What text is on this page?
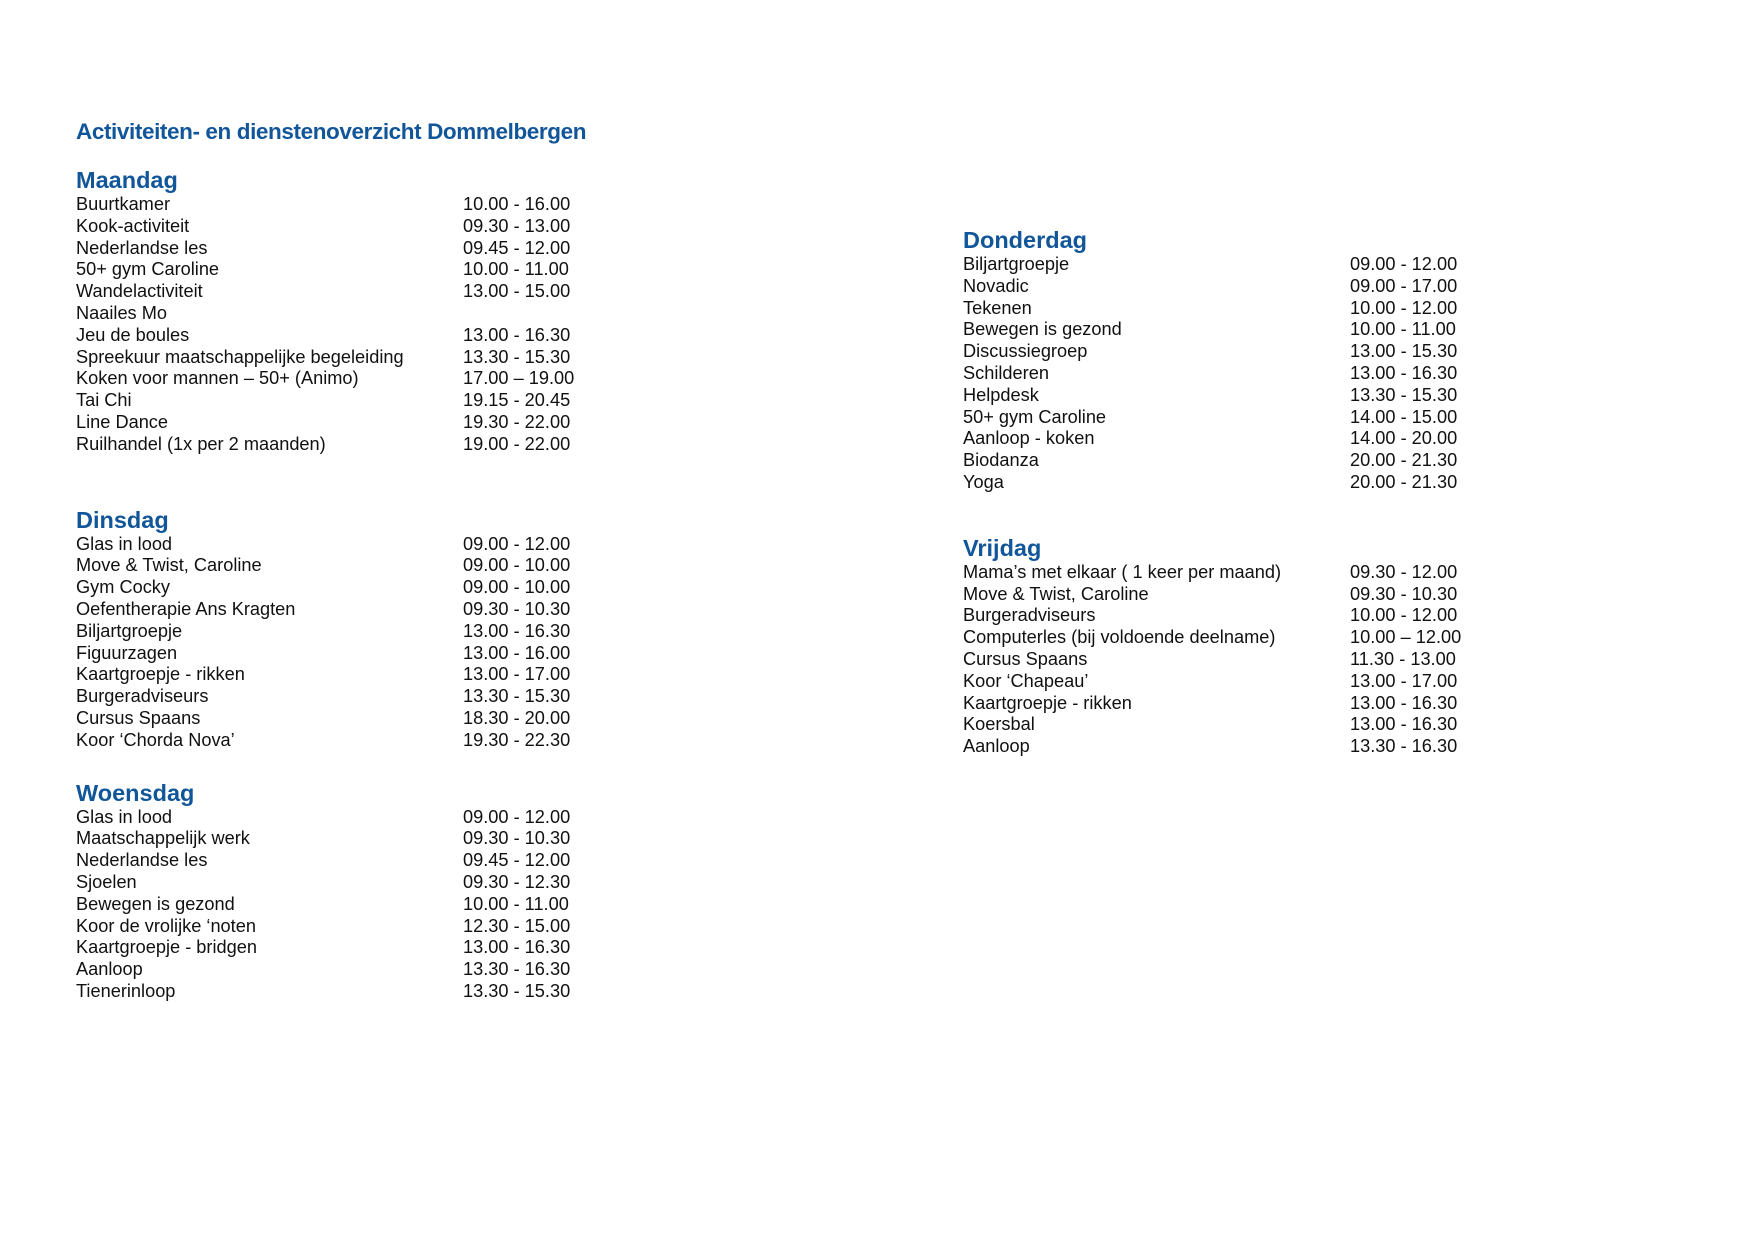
Activiteiten- en dienstenoverzicht Dommelbergen
Maandag
Buurtkamer	10.00 - 16.00
Kook-activiteit	09.30 - 13.00
Nederlandse les	09.45 - 12.00
50+ gym Caroline	10.00 - 11.00
Wandelactiviteit	13.00 - 15.00
Naailes Mo
Jeu de boules	13.00 - 16.30
Spreekuur maatschappelijke begeleiding	13.30 - 15.30
Koken voor mannen – 50+ (Animo)	17.00 – 19.00
Tai Chi	19.15 - 20.45
Line Dance	19.30 - 22.00
Ruilhandel (1x per 2 maanden)	19.00 - 22.00
Dinsdag
Glas in lood	09.00 - 12.00
Move & Twist, Caroline	09.00 - 10.00
Gym Cocky	09.00 - 10.00
Oefentherapie Ans Kragten	09.30 - 10.30
Biljartgroepje	13.00 - 16.30
Figuurzagen	13.00 - 16.00
Kaartgroepje - rikken	13.00 - 17.00
Burgeradviseurs	13.30 - 15.30
Cursus Spaans	18.30 - 20.00
Koor ‘Chorda Nova’	19.30 - 22.30
Woensdag
Glas in lood	09.00 - 12.00
Maatschappelijk werk	09.30 - 10.30
Nederlandse les	09.45 - 12.00
Sjoelen	09.30 - 12.30
Bewegen is gezond	10.00 - 11.00
Koor de vrolijke ‘noten	12.30 - 15.00
Kaartgroepje - bridgen	13.00 - 16.30
Aanloop	13.30 - 16.30
Tienerinloop	13.30 - 15.30
Donderdag
Biljartgroepje	09.00 - 12.00
Novadic	09.00 - 17.00
Tekenen	10.00 - 12.00
Bewegen is gezond	10.00 - 11.00
Discussiegroep	13.00 - 15.30
Schilderen	13.00 - 16.30
Helpdesk	13.30 - 15.30
50+ gym Caroline	14.00 - 15.00
Aanloop - koken	14.00 - 20.00
Biodanza	20.00 - 21.30
Yoga	20.00 - 21.30
Vrijdag
Mama’s met elkaar ( 1 keer per maand)	09.30 - 12.00
Move & Twist, Caroline	09.30 - 10.30
Burgeradviseurs	10.00 - 12.00
Computerles (bij voldoende deelname)	10.00 – 12.00
Cursus Spaans	11.30 - 13.00
Koor ‘Chapeau’	13.00 - 17.00
Kaartgroepje - rikken	13.00 - 16.30
Koersbal	13.00 - 16.30
Aanloop	13.30 - 16.30
